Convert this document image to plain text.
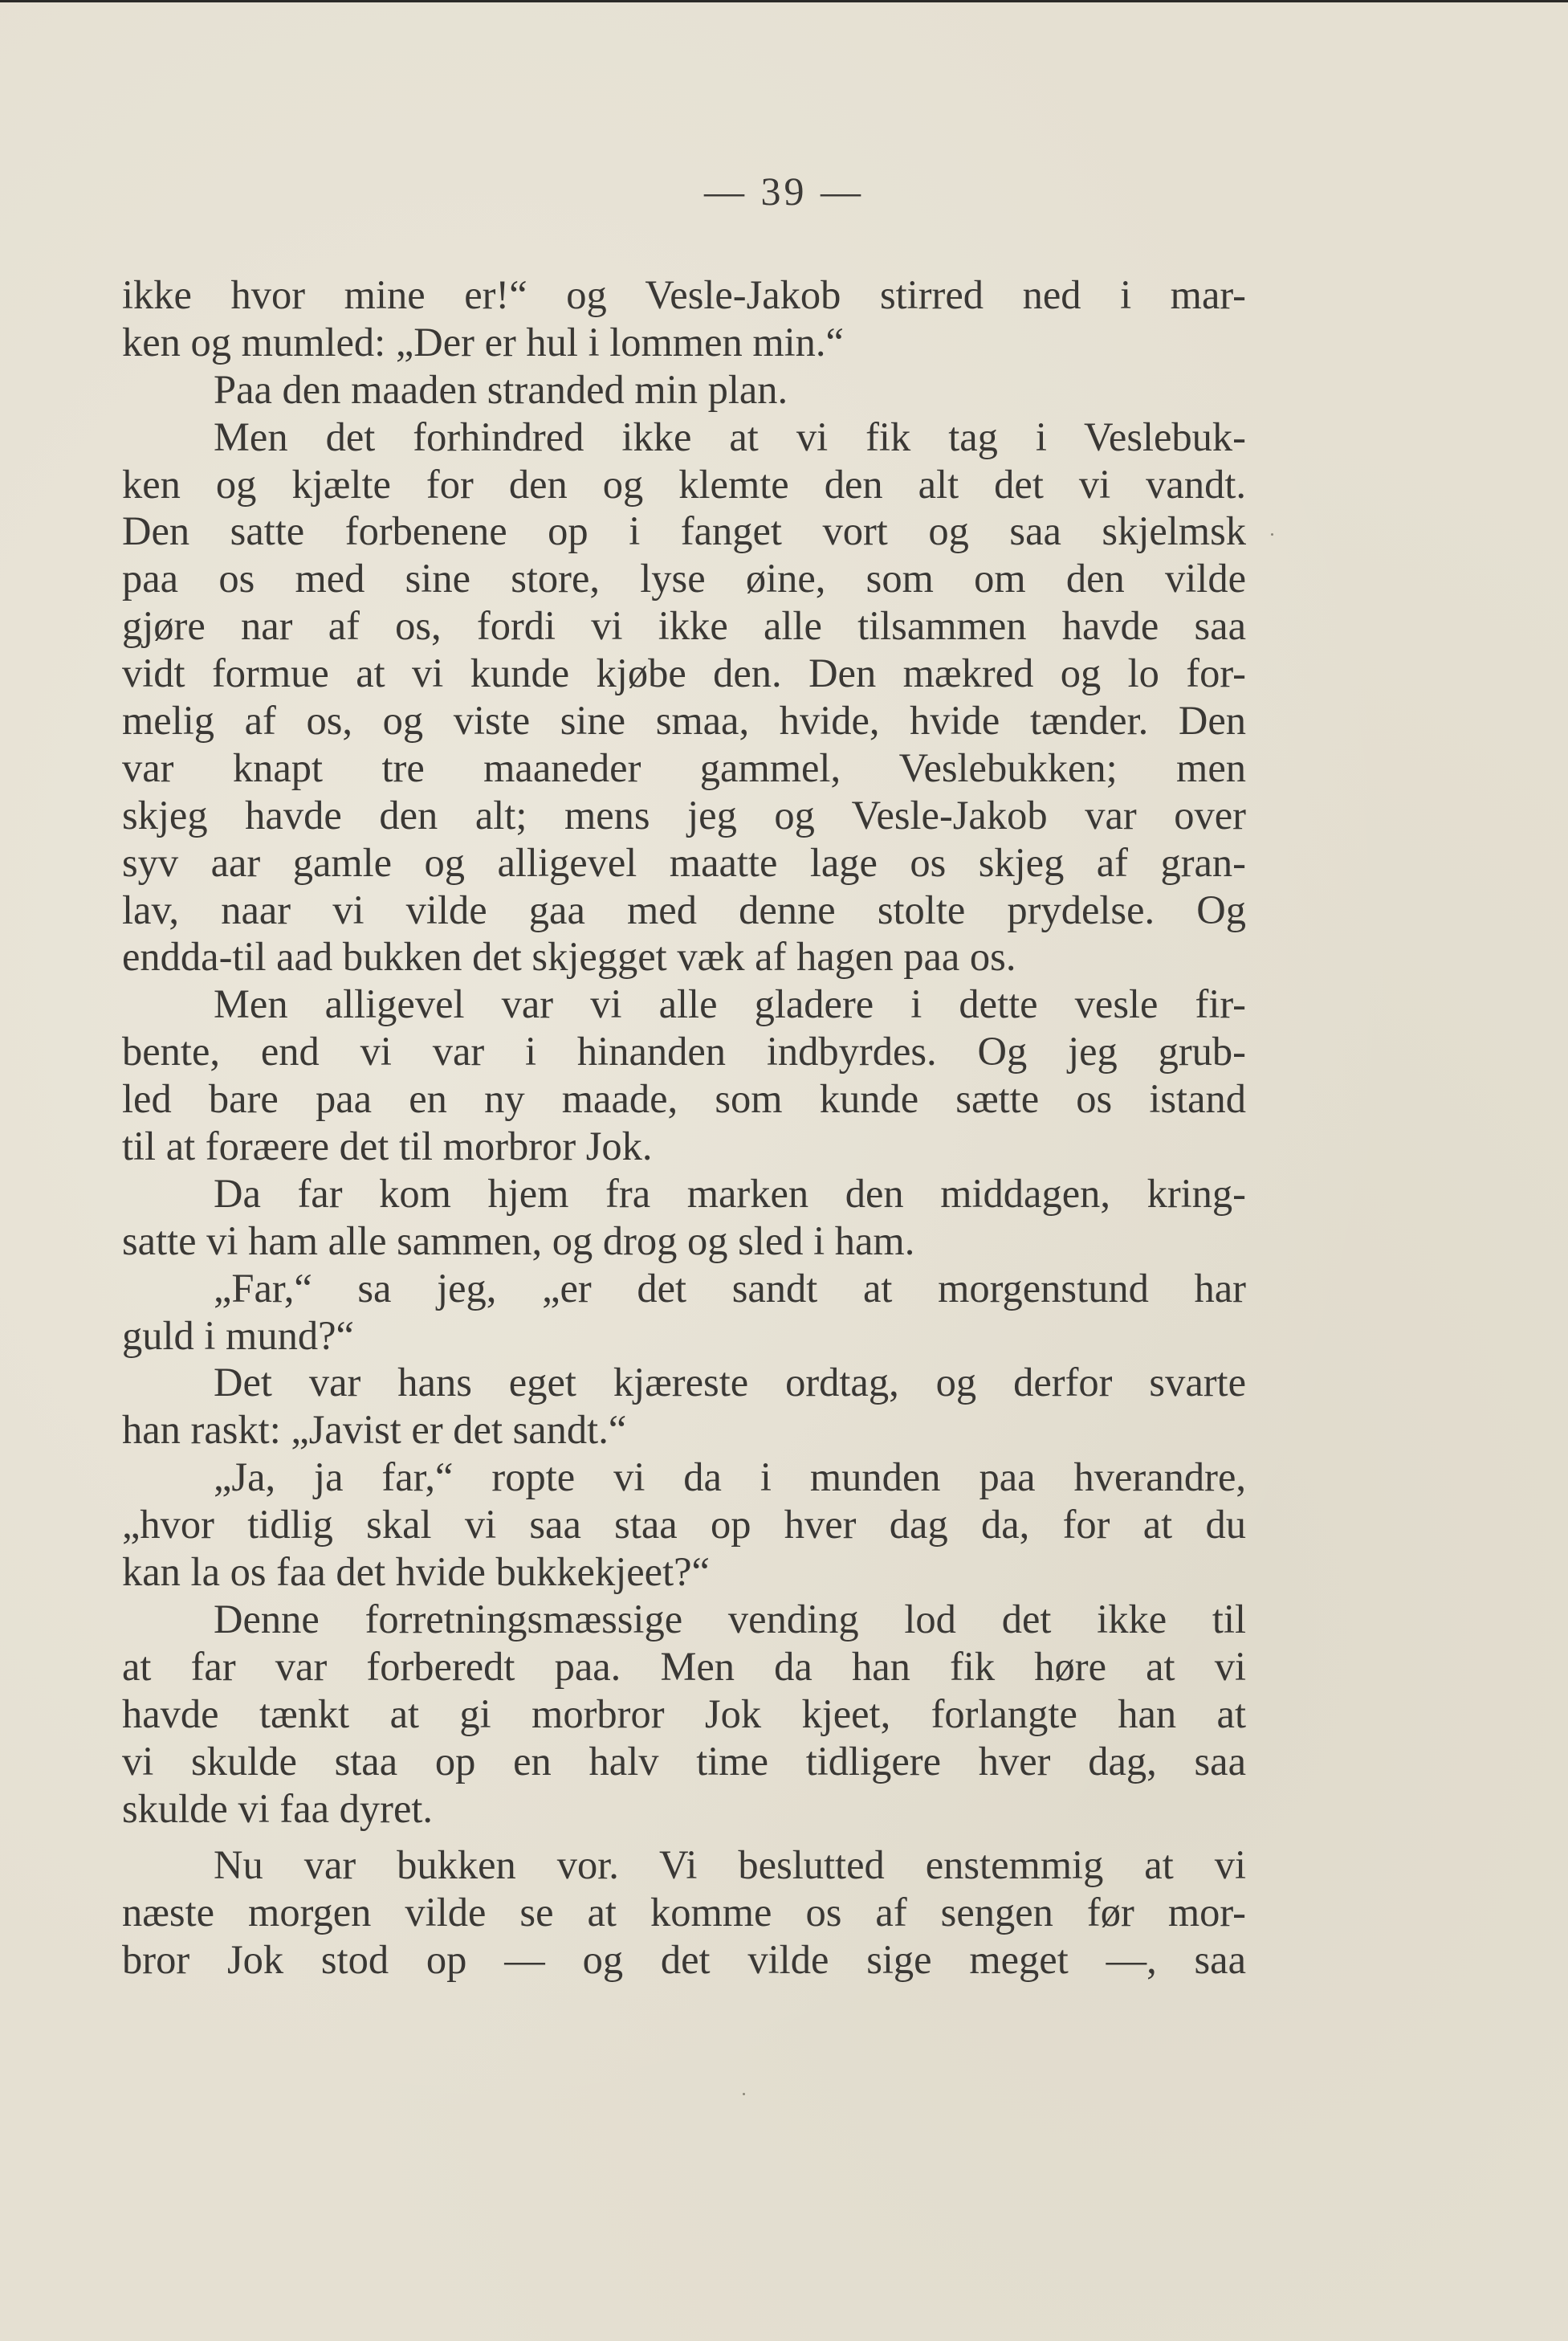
— 39 —
ikke hvor mine er!“ og Vesle-Jakob stirred ned i mar-
ken og mumled: „Der er hul i lommen min.“
Paa den maaden stranded min plan.
Men det forhindred ikke at vi fik tag i Veslebuk-
ken og kjælte for den og klemte den alt det vi vandt.
Den satte forbenene op i fanget vort og saa skjelmsk
paa os med sine store, lyse øine, som om den vilde
gjøre nar af os, fordi vi ikke alle tilsammen havde saa
vidt formue at vi kunde kjøbe den. Den mækred og lo for-
melig af os, og viste sine smaa, hvide, hvide tænder. Den
var knapt tre maaneder gammel, Veslebukken; men
skjeg havde den alt; mens jeg og Vesle-Jakob var over
syv aar gamle og alligevel maatte lage os skjeg af gran-
lav, naar vi vilde gaa med denne stolte prydelse. Og
endda-til aad bukken det skjegget væk af hagen paa os.
Men alligevel var vi alle gladere i dette vesle fir-
bente, end vi var i hinanden indbyrdes. Og jeg grub-
led bare paa en ny maade, som kunde sætte os istand
til at foræere det til morbror Jok.
Da far kom hjem fra marken den middagen, kring-
satte vi ham alle sammen, og drog og sled i ham.
„Far,“ sa jeg, „er det sandt at morgenstund har
guld i mund?“
Det var hans eget kjæreste ordtag, og derfor svarte
han raskt: „Javist er det sandt.“
„Ja, ja far,“ ropte vi da i munden paa hverandre,
„hvor tidlig skal vi saa staa op hver dag da, for at du
kan la os faa det hvide bukkekjeet?“
Denne forretningsmæssige vending lod det ikke til
at far var forberedt paa. Men da han fik høre at vi
havde tænkt at gi morbror Jok kjeet, forlangte han at
vi skulde staa op en halv time tidligere hver dag, saa
skulde vi faa dyret.
Nu var bukken vor. Vi beslutted enstemmig at vi
næste morgen vilde se at komme os af sengen før mor-
bror Jok stod op — og det vilde sige meget —, saa
